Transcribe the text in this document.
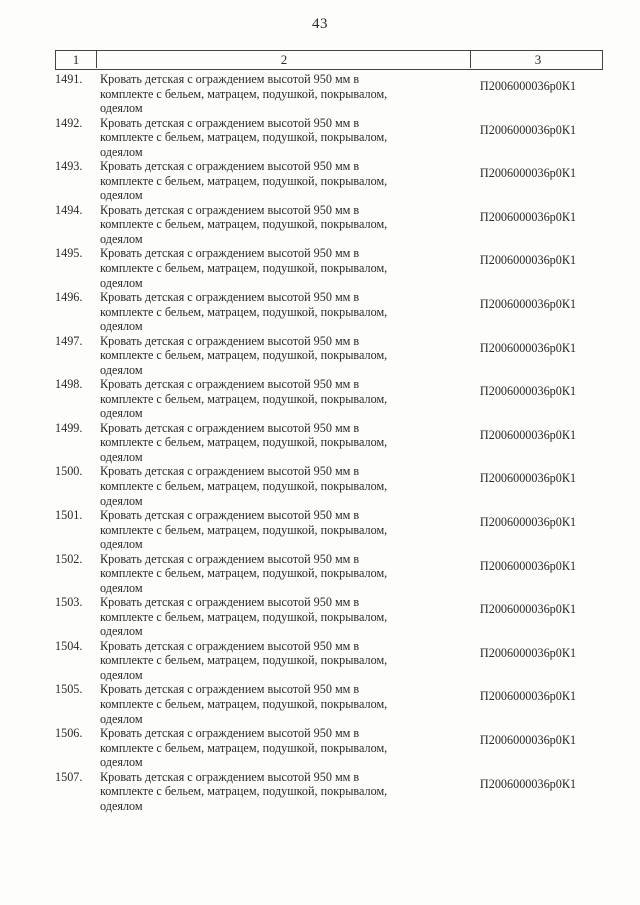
43
1	2	3
1491.	Кровать детская с ограждением высотой 950 мм в
комплекте с бельем, матрацем, подушкой, покрывалом,
одеялом
П2006000036р0К1
1492.	Кровать детская с ограждением высотой 950 мм в
комплекте с бельем, матрацем, подушкой, покрывалом,
одеялом
П2006000036р0К1
1493.	Кровать детская с ограждением высотой 950 мм в
комплекте с бельем, матрацем, подушкой, покрывалом,
одеялом
П2006000036р0К1
1494.	Кровать детская с ограждением высотой 950 мм в
комплекте с бельем, матрацем, подушкой, покрывалом,
одеялом
П2006000036р0К1
1495.	Кровать детская с ограждением высотой 950 мм в
комплекте с бельем, матрацем, подушкой, покрывалом,
одеялом
П2006000036р0К1
1496.	Кровать детская с ограждением высотой 950 мм в
комплекте с бельем, матрацем, подушкой, покрывалом,
одеялом
П2006000036р0К1
1497.	Кровать детская с ограждением высотой 950 мм в
комплекте с бельем, матрацем, подушкой, покрывалом,
одеялом
П2006000036р0К1
1498.	Кровать детская с ограждением высотой 950 мм в
комплекте с бельем, матрацем, подушкой, покрывалом,
одеялом
П2006000036р0К1
1499.	Кровать детская с ограждением высотой 950 мм в
комплекте с бельем, матрацем, подушкой, покрывалом,
одеялом
П2006000036р0К1
1500.	Кровать детская с ограждением высотой 950 мм в
комплекте с бельем, матрацем, подушкой, покрывалом,
одеялом
П2006000036р0К1
1501.	Кровать детская с ограждением высотой 950 мм в
комплекте с бельем, матрацем, подушкой, покрывалом,
одеялом
П2006000036р0К1
1502.	Кровать детская с ограждением высотой 950 мм в
комплекте с бельем, матрацем, подушкой, покрывалом,
одеялом
П2006000036р0К1
1503.	Кровать детская с ограждением высотой 950 мм в
комплекте с бельем, матрацем, подушкой, покрывалом,
одеялом
П2006000036р0К1
1504.	Кровать детская с ограждением высотой 950 мм в
комплекте с бельем, матрацем, подушкой, покрывалом,
одеялом
П2006000036р0К1
1505.	Кровать детская с ограждением высотой 950 мм в
комплекте с бельем, матрацем, подушкой, покрывалом,
одеялом
П2006000036р0К1
1506.	Кровать детская с ограждением высотой 950 мм в
комплекте с бельем, матрацем, подушкой, покрывалом,
одеялом
П2006000036р0К1
1507.	Кровать детская с ограждением высотой 950 мм в
комплекте с бельем, матрацем, подушкой, покрывалом,
одеялом
П2006000036р0К1
